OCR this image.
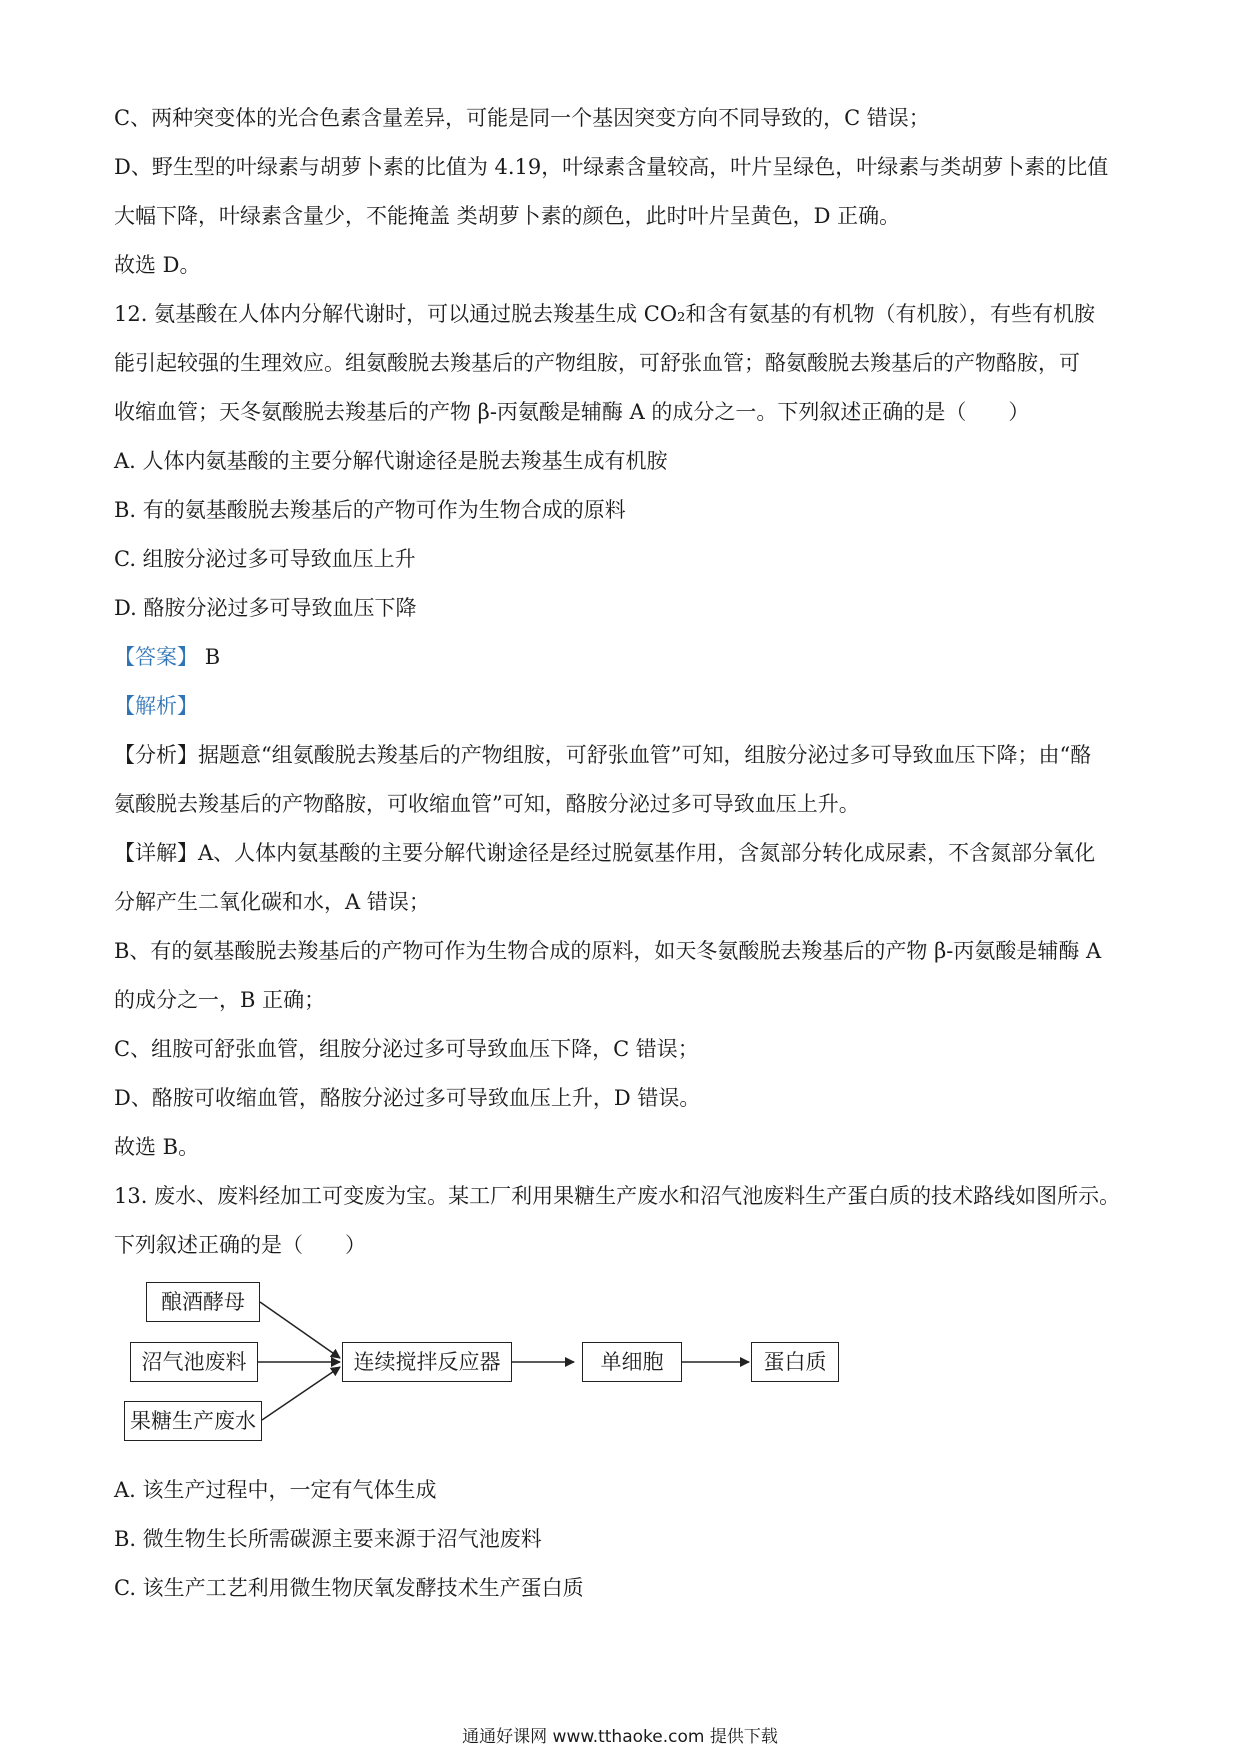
C、两种突变体的光合色素含量差异，可能是同一个基因突变方向不同导致的，C 错误；
D、野生型的叶绿素与胡萝卜素的比值为 4.19，叶绿素含量较高，叶片呈绿色，叶绿素与类胡萝卜素的比值
大幅下降，叶绿素含量少，不能掩盖 类胡萝卜素的颜色，此时叶片呈黄色，D 正确。
故选 D。
12. 氨基酸在人体内分解代谢时，可以通过脱去羧基生成 CO₂和含有氨基的有机物（有机胺），有些有机胺
能引起较强的生理效应。组氨酸脱去羧基后的产物组胺，可舒张血管；酪氨酸脱去羧基后的产物酪胺，可
收缩血管；天冬氨酸脱去羧基后的产物 β-丙氨酸是辅酶 A 的成分之一。下列叙述正确的是（　　）
A. 人体内氨基酸的主要分解代谢途径是脱去羧基生成有机胺
B. 有的氨基酸脱去羧基后的产物可作为生物合成的原料
C. 组胺分泌过多可导致血压上升
D. 酪胺分泌过多可导致血压下降
【答案】 B
【解析】
【分析】据题意“组氨酸脱去羧基后的产物组胺，可舒张血管”可知，组胺分泌过多可导致血压下降；由“酪
氨酸脱去羧基后的产物酪胺，可收缩血管”可知，酪胺分泌过多可导致血压上升。
【详解】A、人体内氨基酸的主要分解代谢途径是经过脱氨基作用，含氮部分转化成尿素，不含氮部分氧化
分解产生二氧化碳和水，A 错误；
B、有的氨基酸脱去羧基后的产物可作为生物合成的原料，如天冬氨酸脱去羧基后的产物 β-丙氨酸是辅酶 A
的成分之一，B 正确；
C、组胺可舒张血管，组胺分泌过多可导致血压下降，C 错误；
D、酪胺可收缩血管，酪胺分泌过多可导致血压上升，D 错误。
故选 B。
13. 废水、废料经加工可变废为宝。某工厂利用果糖生产废水和沼气池废料生产蛋白质的技术路线如图所示。
下列叙述正确的是（　　）
酿酒酵母
沼气池废料
果糖生产废水
连续搅拌反应器	单细胞	蛋白质
A. 该生产过程中，一定有气体生成
B. 微生物生长所需碳源主要来源于沼气池废料
C. 该生产工艺利用微生物厌氧发酵技术生产蛋白质
通通好课网 www.tthaoke.com 提供下载
